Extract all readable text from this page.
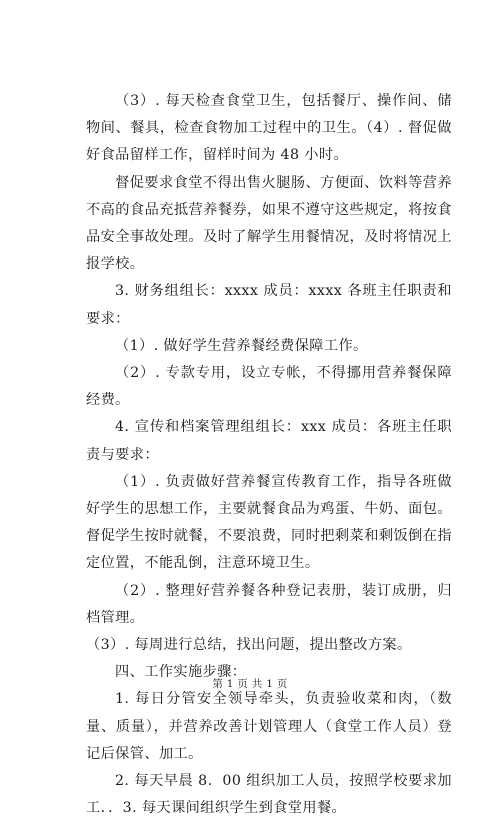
（3）. 每天检查食堂卫生，包括餐厅、操作间、储物间、餐具，检查食物加工过程中的卫生。（4）. 督促做好食品留样工作，留样时间为 48 小时。

督促要求食堂不得出售火腿肠、方便面、饮料等营养不高的食品充抵营养餐券，如果不遵守这些规定，将按食品安全事故处理。及时了解学生用餐情况，及时将情况上报学校。

3. 财务组组长：xxxx 成员：xxxx 各班主任职责和要求：

（1）. 做好学生营养餐经费保障工作。

（2）. 专款专用，设立专帐，不得挪用营养餐保障经费。

4. 宣传和档案管理组组长：xxx 成员：各班主任职责与要求：

（1）. 负责做好营养餐宣传教育工作，指导各班做好学生的思想工作，主要就餐食品为鸡蛋、牛奶、面包。督促学生按时就餐，不要浪费，同时把剩菜和剩饭倒在指定位置，不能乱倒，注意环境卫生。

（2）. 整理好营养餐各种登记表册，装订成册，归档管理。

（3）. 每周进行总结，找出问题，提出整改方案。

四、工作实施步骤：

1. 每日分管安全领导牵头，负责验收菜和肉，（数量、质量），并营养改善计划管理人（食堂工作人员）登记后保管、加工。

2. 每天早晨 8．00 组织加工人员，按照学校要求加工．．3. 每天课间组织学生到食堂用餐。

第 1 页 共 1 页
